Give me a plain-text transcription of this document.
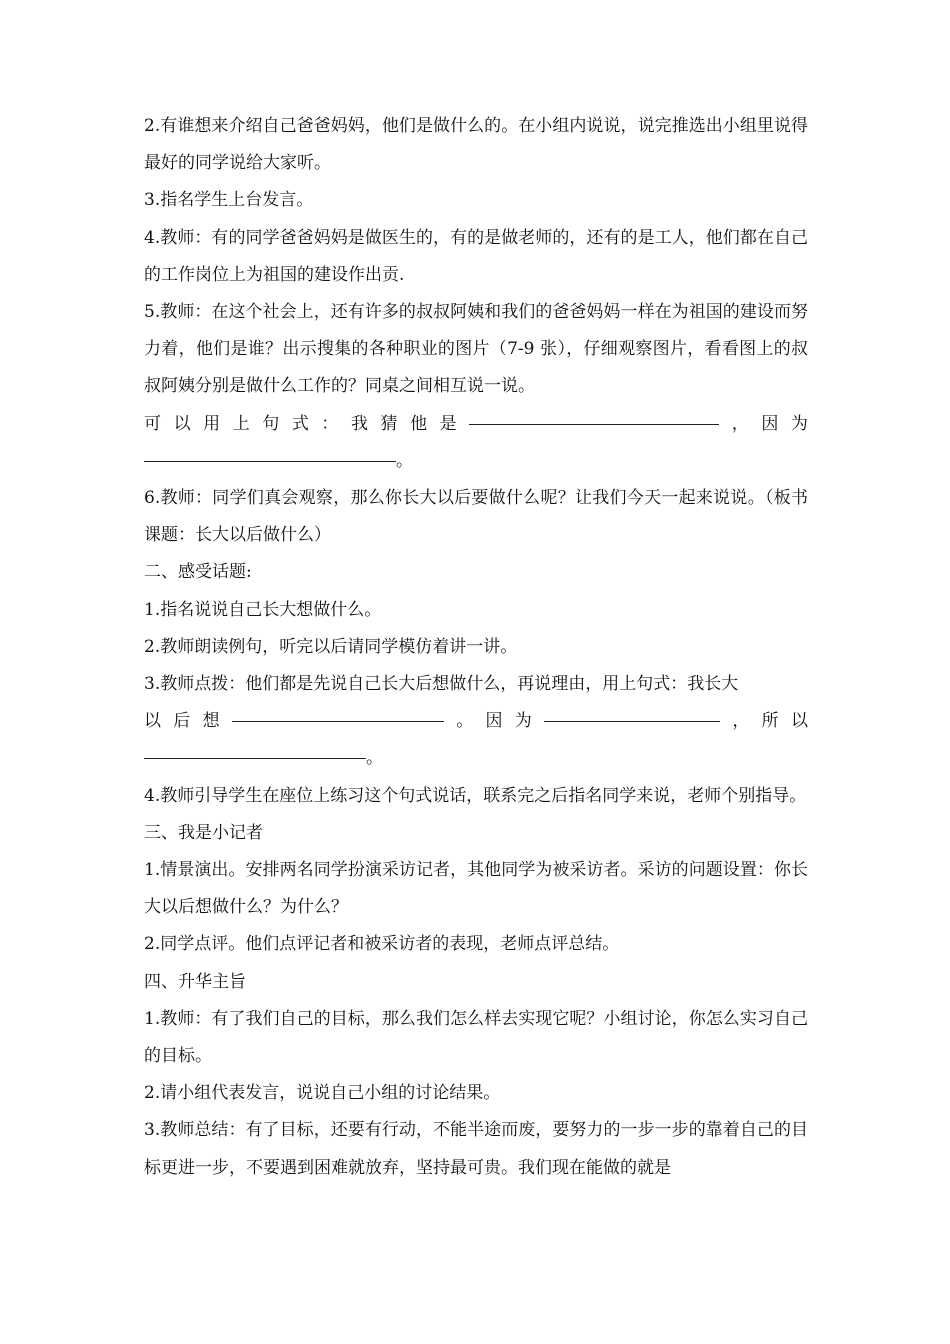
2.有谁想来介绍自己爸爸妈妈，他们是做什么的。在小组内说说，说完推选出小组里说得最好的同学说给大家听。

3.指名学生上台发言。

4.教师：有的同学爸爸妈妈是做医生的，有的是做老师的，还有的是工人，他们都在自己的工作岗位上为祖国的建设作出贡.

5.教师：在这个社会上，还有许多的叔叔阿姨和我们的爸爸妈妈一样在为祖国的建设而努力着，他们是谁？出示搜集的各种职业的图片（7-9 张），仔细观察图片，看看图上的叔叔阿姨分别是做什么工作的？同桌之间相互说一说。

可 以 用 上 句 式 ： 我 猜 他 是	， 因 为
。

6.教师：同学们真会观察，那么你长大以后要做什么呢？让我们今天一起来说说。（板书课题：长大以后做什么）

二、感受话题:

1.指名说说自己长大想做什么。

2.教师朗读例句，听完以后请同学模仿着讲一讲。

3.教师点拨：他们都是先说自己长大后想做什么，再说理由，用上句式：我长大

以 后 想	。 因 为	， 所 以
。

4.教师引导学生在座位上练习这个句式说话，联系完之后指名同学来说，老师个别指导。

三、我是小记者

1.情景演出。安排两名同学扮演采访记者，其他同学为被采访者。采访的问题设置：你长大以后想做什么？为什么？

2.同学点评。他们点评记者和被采访者的表现，老师点评总结。

四、升华主旨

1.教师：有了我们自己的目标，那么我们怎么样去实现它呢？小组讨论，你怎么实习自己的目标。

2.请小组代表发言，说说自己小组的讨论结果。

3.教师总结：有了目标，还要有行动，不能半途而废，要努力的一步一步的靠着自己的目标更进一步，不要遇到困难就放弃，坚持最可贵。我们现在能做的就是
